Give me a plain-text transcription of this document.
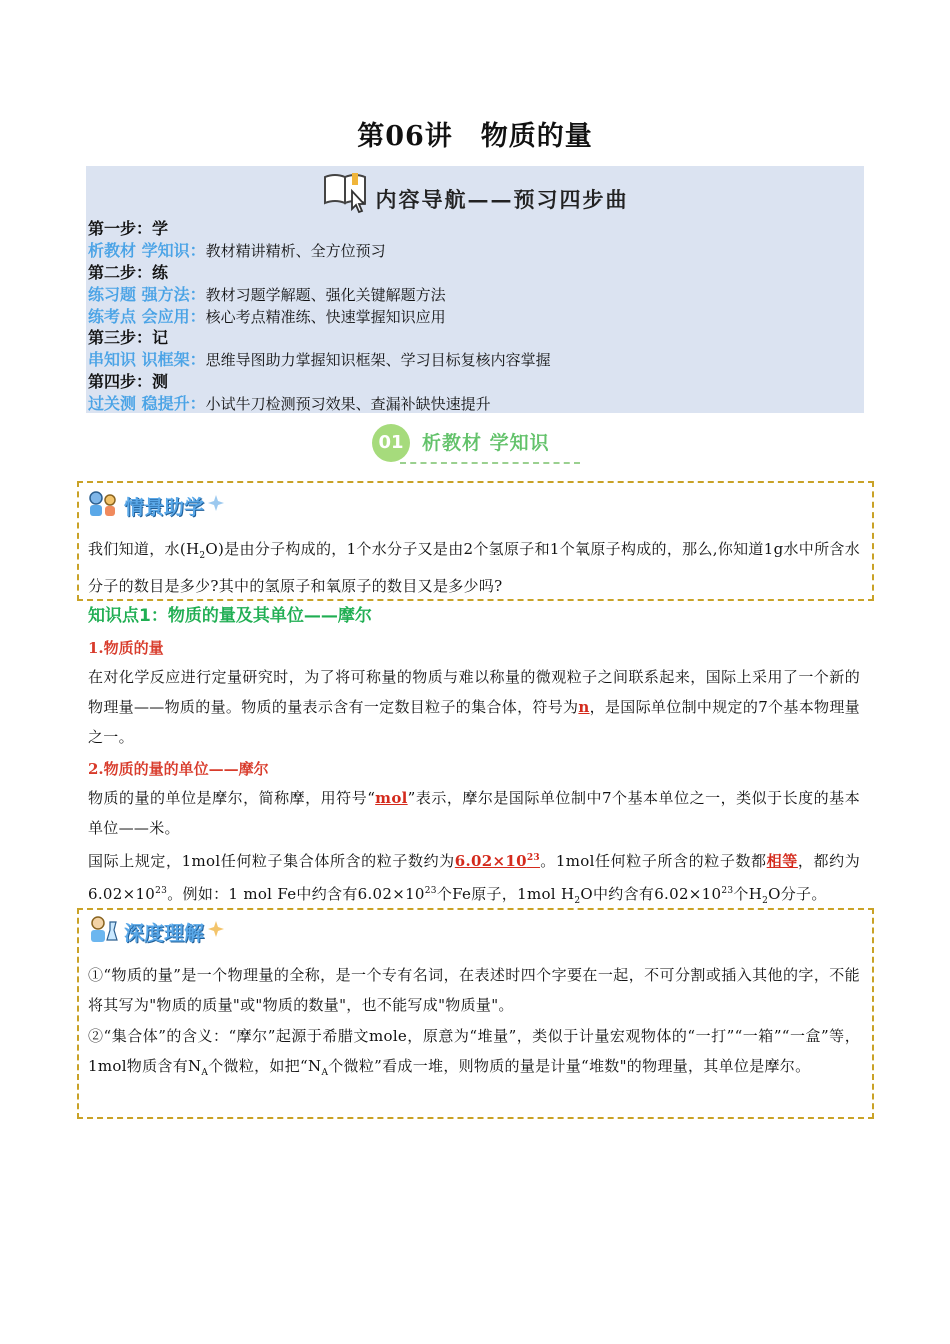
第06讲　物质的量
内容导航——预习四步曲
第一步：学
析教材 学知识：教材精讲精析、全方位预习
第二步：练
练习题 强方法：教材习题学解题、强化关键解题方法
练考点 会应用：核心考点精准练、快速掌握知识应用
第三步：记
串知识 识框架：思维导图助力掌握知识框架、学习目标复核内容掌握
第四步：测
过关测 稳提升：小试牛刀检测预习效果、查漏补缺快速提升
01 析教材 学知识
情景助学
我们知道，水$(H_2O)$是由分子构成的，1个水分子又是由2个氢原子和1个氧原子构成的，那么,你知道1g水中所含水分子的数目是多少?其中的氢原子和氧原子的数目又是多少吗?
知识点1：物质的量及其单位——摩尔
1.物质的量
在对化学反应进行定量研究时，为了将可称量的物质与难以称量的微观粒子之间联系起来，国际上采用了一个新的物理量——物质的量。物质的量表示含有一定数目粒子的集合体，符号为n，是国际单位制中规定的7个基本物理量之一。
2.物质的量的单位——摩尔
物质的量的单位是摩尔，简称摩，用符号“mol”表示，摩尔是国际单位制中7个基本单位之一，类似于长度的基本单位——米。
国际上规定，1mol任何粒子集合体所含的粒子数约为$6.02\times 10^{23}$。1mol任何粒子所含的粒子数都相等，都约为$6.02\times 10^{23}$。例如：1 mol Fe中约含有$6.02\times 10^{23}$个Fe原子，1mol $H_2O$中约含有$6.02\times 10^{23}$个$H_2O$分子。
深度理解
①“物质的量”是一个物理量的全称，是一个专有名词，在表述时四个字要在一起，不可分割或插入其他的字，不能将其写为"物质的质量"或"物质的数量"，也不能写成"物质量"。
②“集合体”的含义：“摩尔”起源于希腊文mole，原意为“堆量”，类似于计量宏观物体的“一打”“一箱”“一盒”等，1mol物质含有$N_A$个微粒，如把“$N_A$个微粒”看成一堆，则物质的量是计量“堆数"的物理量，其单位是摩尔。
